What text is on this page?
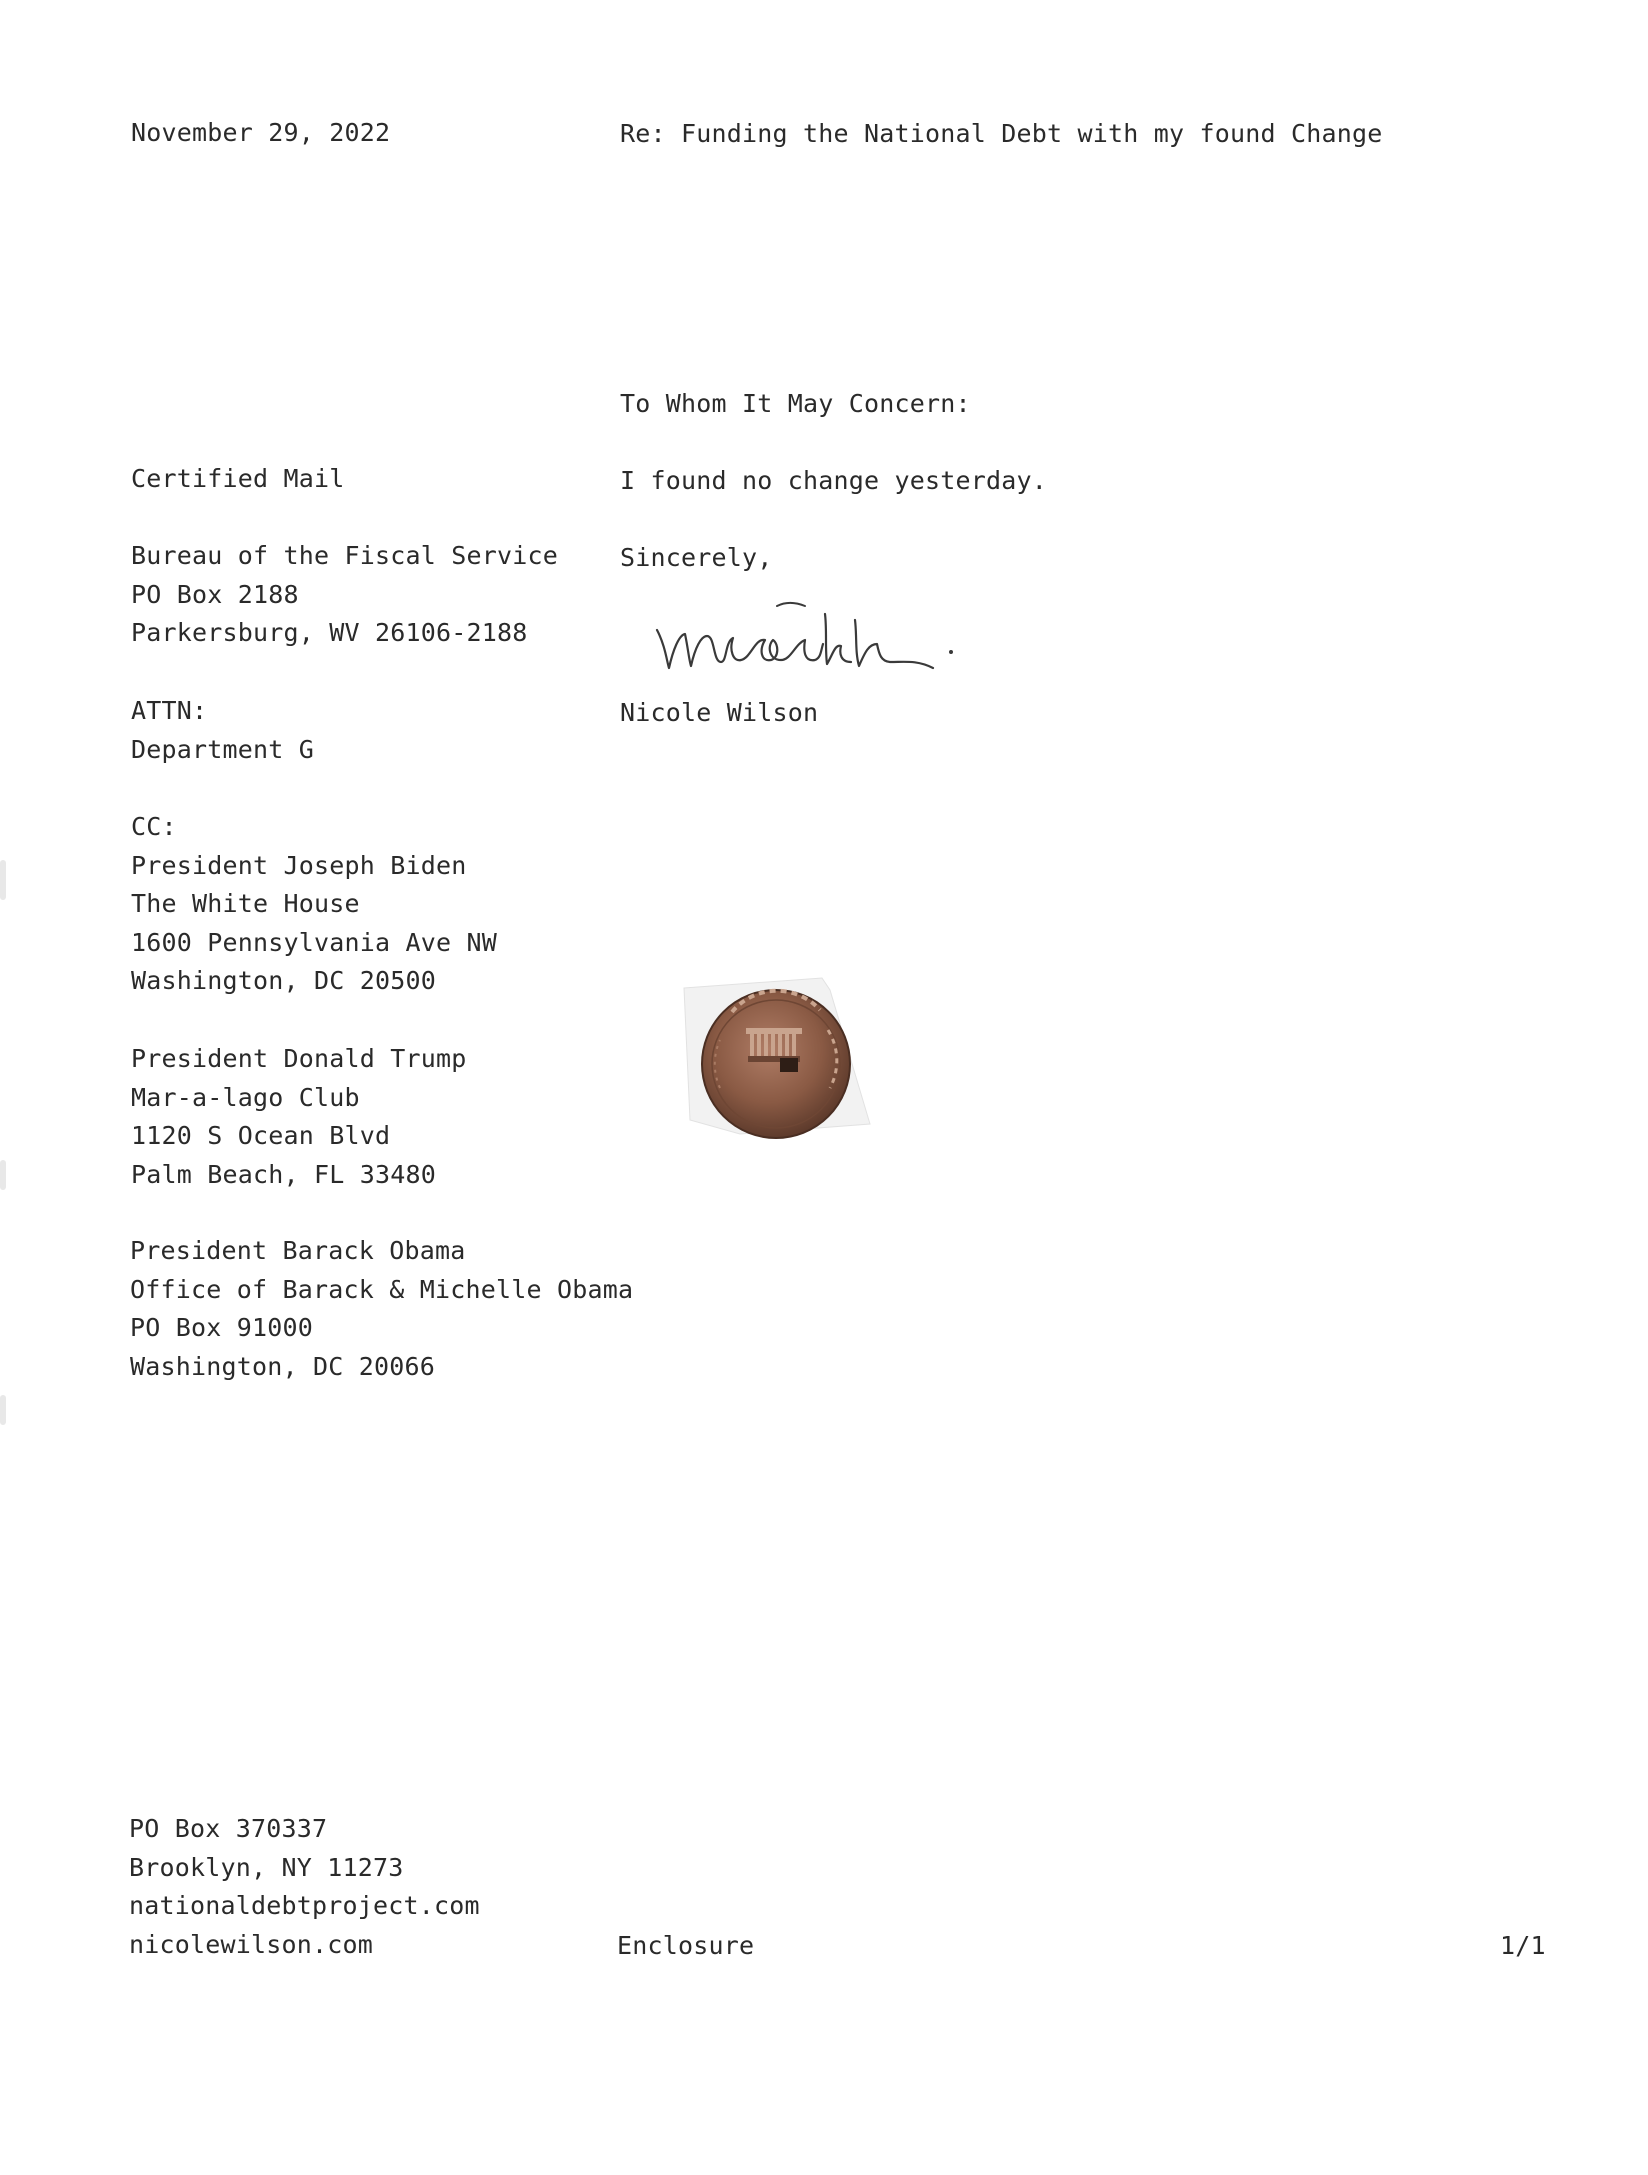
November 29, 2022	Re: Funding the National Debt with my found Change
To Whom It May Concern:
I found no change yesterday.
Sincerely,
Nicole Wilson
Certified Mail
Bureau of the Fiscal Service
PO Box 2188
Parkersburg, WV 26106-2188
ATTN:
Department G
CC:
President Joseph Biden
The White House
1600 Pennsylvania Ave NW
Washington, DC 20500
President Donald Trump
Mar-a-lago Club
1120 S Ocean Blvd
Palm Beach, FL 33480
President Barack Obama
Office of Barack & Michelle Obama
PO Box 91000
Washington, DC 20066
PO Box 370337
Brooklyn, NY 11273
nationaldebtproject.com
nicolewilson.com	Enclosure	1/1
